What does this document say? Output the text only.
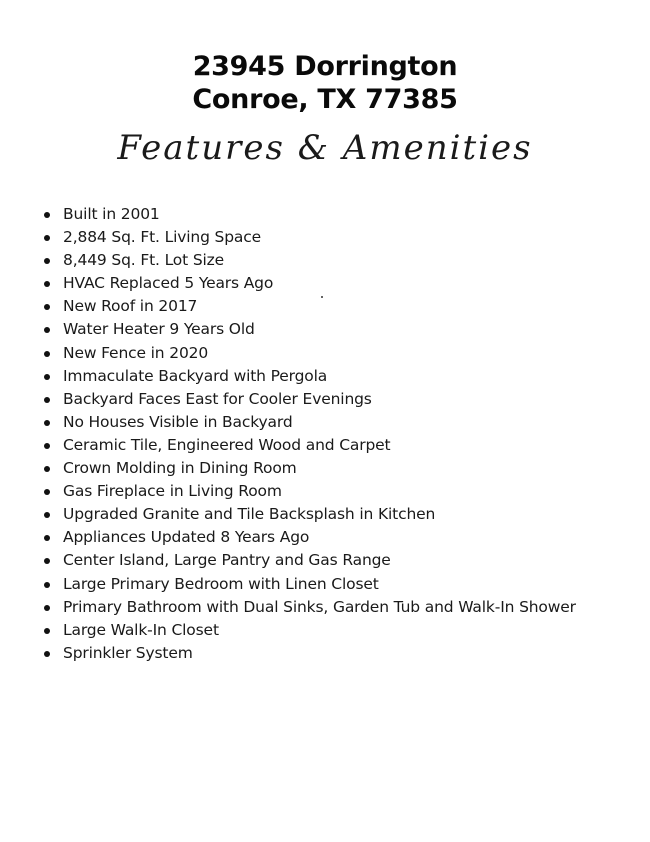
23945 Dorrington
Conroe, TX 77385
Features & Amenities
Built in 2001
2,884 Sq. Ft. Living Space
8,449 Sq. Ft. Lot Size
HVAC Replaced 5 Years Ago
New Roof in 2017
Water Heater 9 Years Old
New Fence in 2020
Immaculate Backyard with Pergola
Backyard Faces East for Cooler Evenings
No Houses Visible in Backyard
Ceramic Tile, Engineered Wood and Carpet
Crown Molding in Dining Room
Gas Fireplace in Living Room
Upgraded Granite and Tile Backsplash in Kitchen
Appliances Updated 8 Years Ago
Center Island, Large Pantry and Gas Range
Large Primary Bedroom with Linen Closet
Primary Bathroom with Dual Sinks, Garden Tub and Walk-In Shower
Large Walk-In Closet
Sprinkler System
